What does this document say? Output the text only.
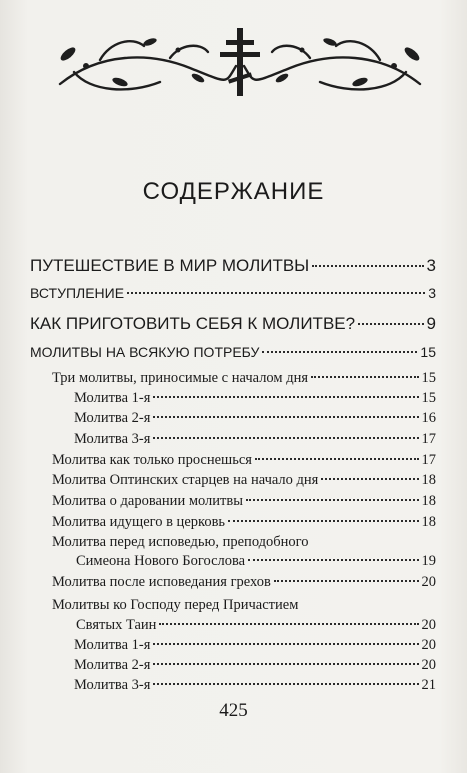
СОДЕРЖАНИЕ
ПУТЕШЕСТВИЕ В МИР МОЛИТВЫ	3
ВСТУПЛЕНИЕ	3
КАК ПРИГОТОВИТЬ СЕБЯ К МОЛИТВЕ?	9
МОЛИТВЫ НА ВСЯКУЮ ПОТРЕБУ	15
Три молитвы, приносимые с началом дня	15
Молитва 1-я	15
Молитва 2-я	16
Молитва 3-я	17
Молитва как только проснешься	17
Молитва Оптинских старцев на начало дня	18
Молитва о даровании молитвы	18
Молитва идущего в церковь	18
Молитва перед исповедью, преподобного
Симеона Нового Богослова	19
Молитва после исповедания грехов	20
Молитвы ко Господу перед Причастием
Святых Таин	20
Молитва 1-я	20
Молитва 2-я	20
Молитва 3-я	21
425
